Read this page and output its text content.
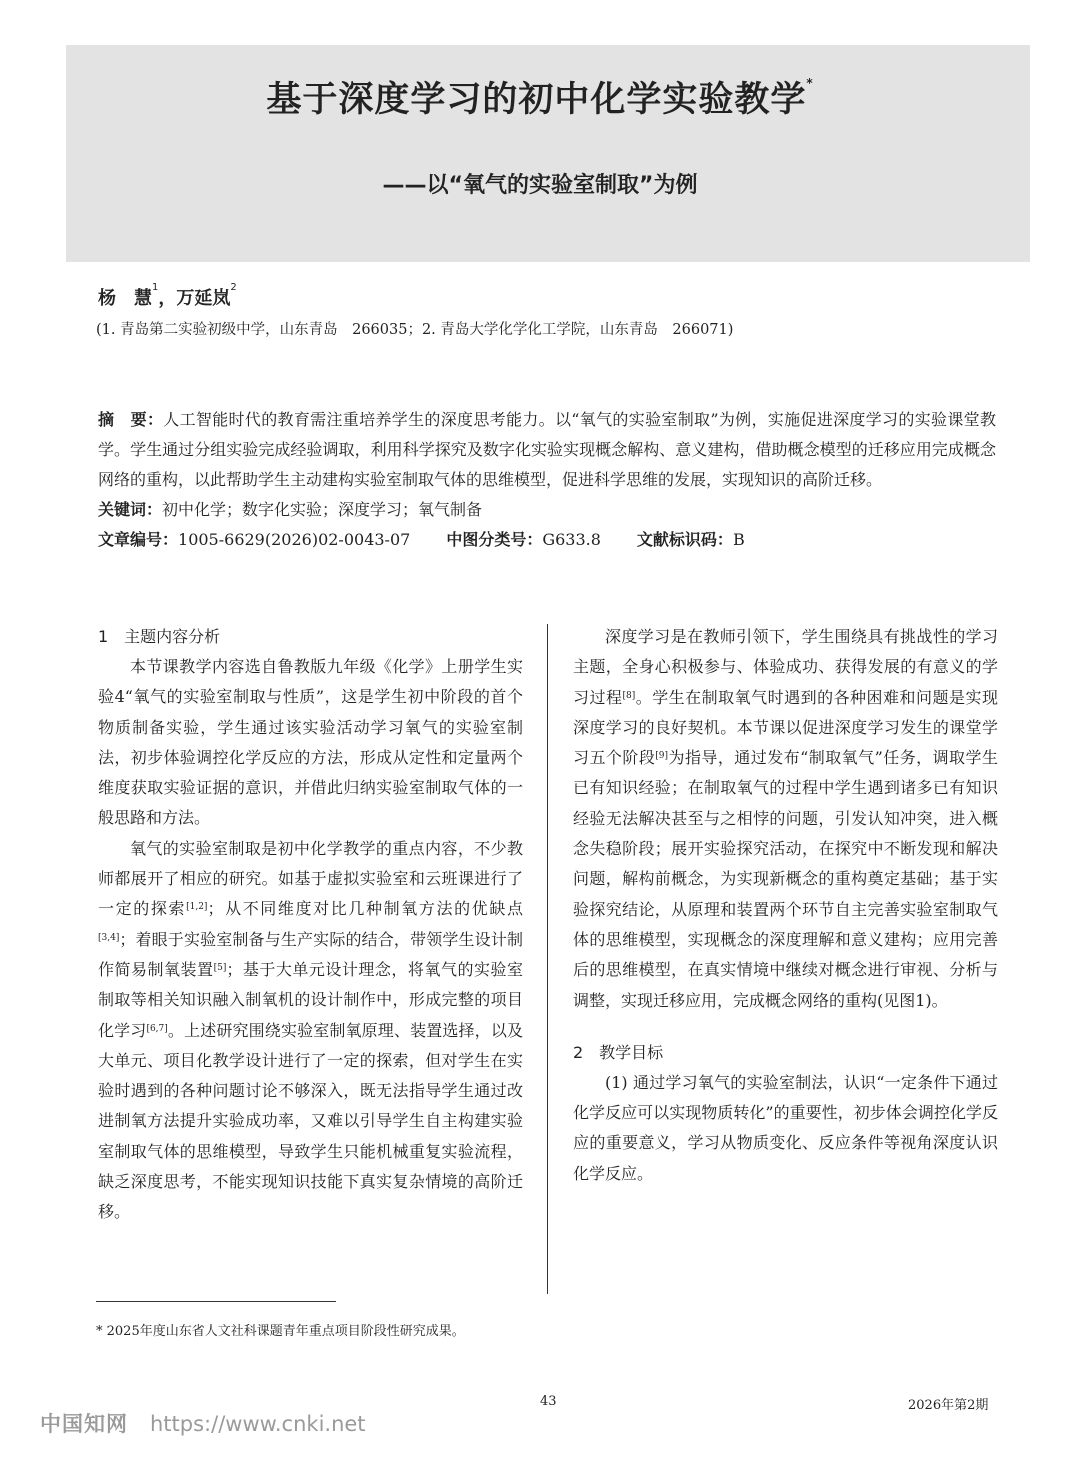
基于深度学习的初中化学实验教学*
——以“氧气的实验室制取”为例
杨　慧$^1$，万延岚$^2$
(1. 青岛第二实验初级中学，山东青岛　266035；2. 青岛大学化学化工学院，山东青岛　266071)
摘　要：人工智能时代的教育需注重培养学生的深度思考能力。以“氧气的实验室制取”为例，实施促进深度学习的实验课堂教学。学生通过分组实验完成经验调取，利用科学探究及数字化实验实现概念解构、意义建构，借助概念模型的迁移应用完成概念网络的重构，以此帮助学生主动建构实验室制取气体的思维模型，促进科学思维的发展，实现知识的高阶迁移。
关键词：初中化学；数字化实验；深度学习；氧气制备
文章编号：1005-6629(2026)02-0043-07 中图分类号：G633.8 文献标识码：B
1　主题内容分析

本节课教学内容选自鲁教版九年级《化学》上册学生实验4“氧气的实验室制取与性质”，这是学生初中阶段的首个物质制备实验，学生通过该实验活动学习氧气的实验室制法，初步体验调控化学反应的方法，形成从定性和定量两个维度获取实验证据的意识，并借此归纳实验室制取气体的一般思路和方法。

氧气的实验室制取是初中化学教学的重点内容，不少教师都展开了相应的研究。如基于虚拟实验室和云班课进行了一定的探索[1,2]；从不同维度对比几种制氧方法的优缺点[3,4]；着眼于实验室制备与生产实际的结合，带领学生设计制作简易制氧装置[5]；基于大单元设计理念，将氧气的实验室制取等相关知识融入制氧机的设计制作中，形成完整的项目化学习[6,7]。上述研究围绕实验室制氧原理、装置选择，以及大单元、项目化教学设计进行了一定的探索，但对学生在实验时遇到的各种问题讨论不够深入，既无法指导学生通过改进制氧方法提升实验成功率，又难以引导学生自主构建实验室制取气体的思维模型，导致学生只能机械重复实验流程，缺乏深度思考，不能实现知识技能下真实复杂情境的高阶迁移。

深度学习是在教师引领下，学生围绕具有挑战性的学习主题，全身心积极参与、体验成功、获得发展的有意义的学习过程[8]。学生在制取氧气时遇到的各种困难和问题是实现深度学习的良好契机。本节课以促进深度学习发生的课堂学习五个阶段[9]为指导，通过发布“制取氧气”任务，调取学生已有知识经验；在制取氧气的过程中学生遇到诸多已有知识经验无法解决甚至与之相悖的问题，引发认知冲突，进入概念失稳阶段；展开实验探究活动，在探究中不断发现和解决问题，解构前概念，为实现新概念的重构奠定基础；基于实验探究结论，从原理和装置两个环节自主完善实验室制取气体的思维模型，实现概念的深度理解和意义建构；应用完善后的思维模型，在真实情境中继续对概念进行审视、分析与调整，实现迁移应用，完成概念网络的重构(见图1)。

2　教学目标

(1) 通过学习氧气的实验室制法，认识“一定条件下通过化学反应可以实现物质转化”的重要性，初步体会调控化学反应的重要意义，学习从物质变化、反应条件等视角深度认识化学反应。

* 2025年度山东省人文社科课题青年重点项目阶段性研究成果。
43	2026年第2期
中国知网 https://www.cnki.net
